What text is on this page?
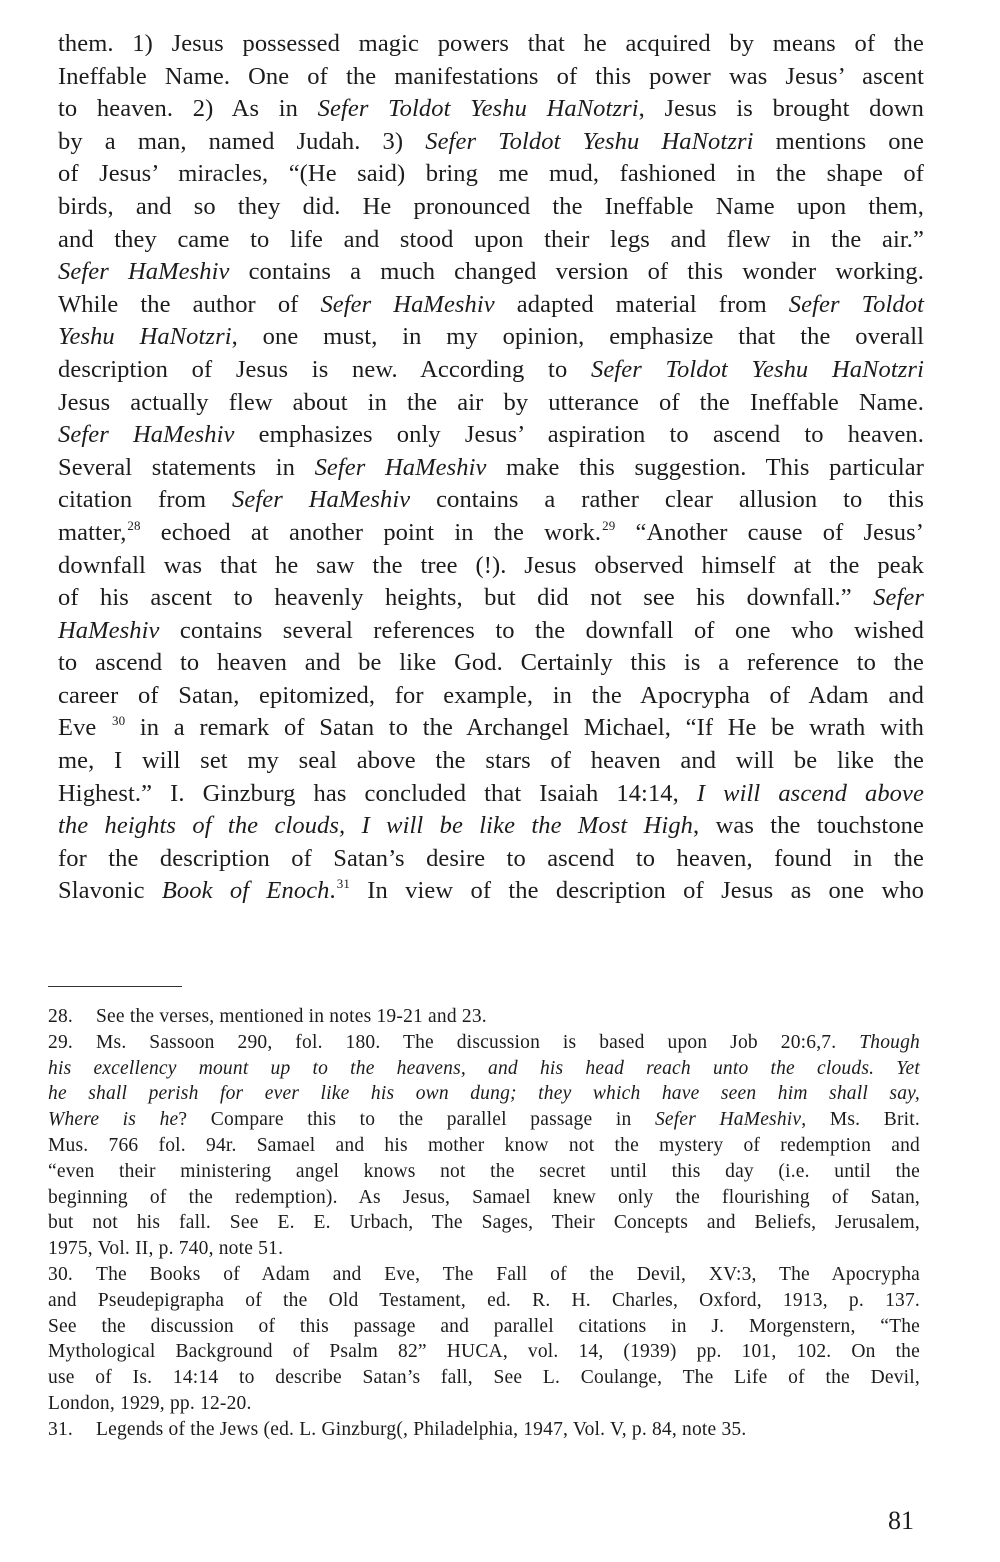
them. 1) Jesus possessed magic powers that he acquired by means of the
Ineffable Name. One of the manifestations of this power was Jesus’ ascent
to heaven. 2) As in Sefer Toldot Yeshu HaNotzri, Jesus is brought down
by a man, named Judah. 3) Sefer Toldot Yeshu HaNotzri mentions one
of Jesus’ miracles, “(He said) bring me mud, fashioned in the shape of
birds, and so they did. He pronounced the Ineffable Name upon them,
and they came to life and stood upon their legs and flew in the air.”
Sefer HaMeshiv contains a much changed version of this wonder working.
While the author of Sefer HaMeshiv adapted material from Sefer Toldot
Yeshu HaNotzri, one must, in my opinion, emphasize that the overall
description of Jesus is new. According to Sefer Toldot Yeshu HaNotzri
Jesus actually flew about in the air by utterance of the Ineffable Name.
Sefer HaMeshiv emphasizes only Jesus’ aspiration to ascend to heaven.
Several statements in Sefer HaMeshiv make this suggestion. This particular
citation from Sefer HaMeshiv contains a rather clear allusion to this
matter,$^{28}$ echoed at another point in the work.$^{29}$ “Another cause of Jesus’
downfall was that he saw the tree (!). Jesus observed himself at the peak
of his ascent to heavenly heights, but did not see his downfall.” Sefer
HaMeshiv contains several references to the downfall of one who wished
to ascend to heaven and be like God. Certainly this is a reference to the
career of Satan, epitomized, for example, in the Apocrypha of Adam and
Eve $^{30}$ in a remark of Satan to the Archangel Michael, “If He be wrath with
me, I will set my seal above the stars of heaven and will be like the
Highest.” I. Ginzburg has concluded that Isaiah 14:14, I will ascend above
the heights of the clouds, I will be like the Most High, was the touchstone
for the description of Satan’s desire to ascend to heaven, found in the
Slavonic Book of Enoch.$^{31}$ In view of the description of Jesus as one who
28. See the verses, mentioned in notes 19-21 and 23.
29. Ms. Sassoon 290, fol. 180. The discussion is based upon Job 20:6,7. Though
his excellency mount up to the heavens, and his head reach unto the clouds. Yet
he shall perish for ever like his own dung; they which have seen him shall say,
Where is he? Compare this to the parallel passage in Sefer HaMeshiv, Ms. Brit.
Mus. 766 fol. 94r. Samael and his mother know not the mystery of redemption and
“even their ministering angel knows not the secret until this day (i.e. until the
beginning of the redemption). As Jesus, Samael knew only the flourishing of Satan,
but not his fall. See E. E. Urbach, The Sages, Their Concepts and Beliefs, Jerusalem,
1975, Vol. II, p. 740, note 51.
30. The Books of Adam and Eve, The Fall of the Devil, XV:3, The Apocrypha
and Pseudepigrapha of the Old Testament, ed. R. H. Charles, Oxford, 1913, p. 137.
See the discussion of this passage and parallel citations in J. Morgenstern, “The
Mythological Background of Psalm 82” HUCA, vol. 14, (1939) pp. 101, 102. On the
use of Is. 14:14 to describe Satan’s fall, See L. Coulange, The Life of the Devil,
London, 1929, pp. 12-20.
31. Legends of the Jews (ed. L. Ginzburg(, Philadelphia, 1947, Vol. V, p. 84, note 35.
81
